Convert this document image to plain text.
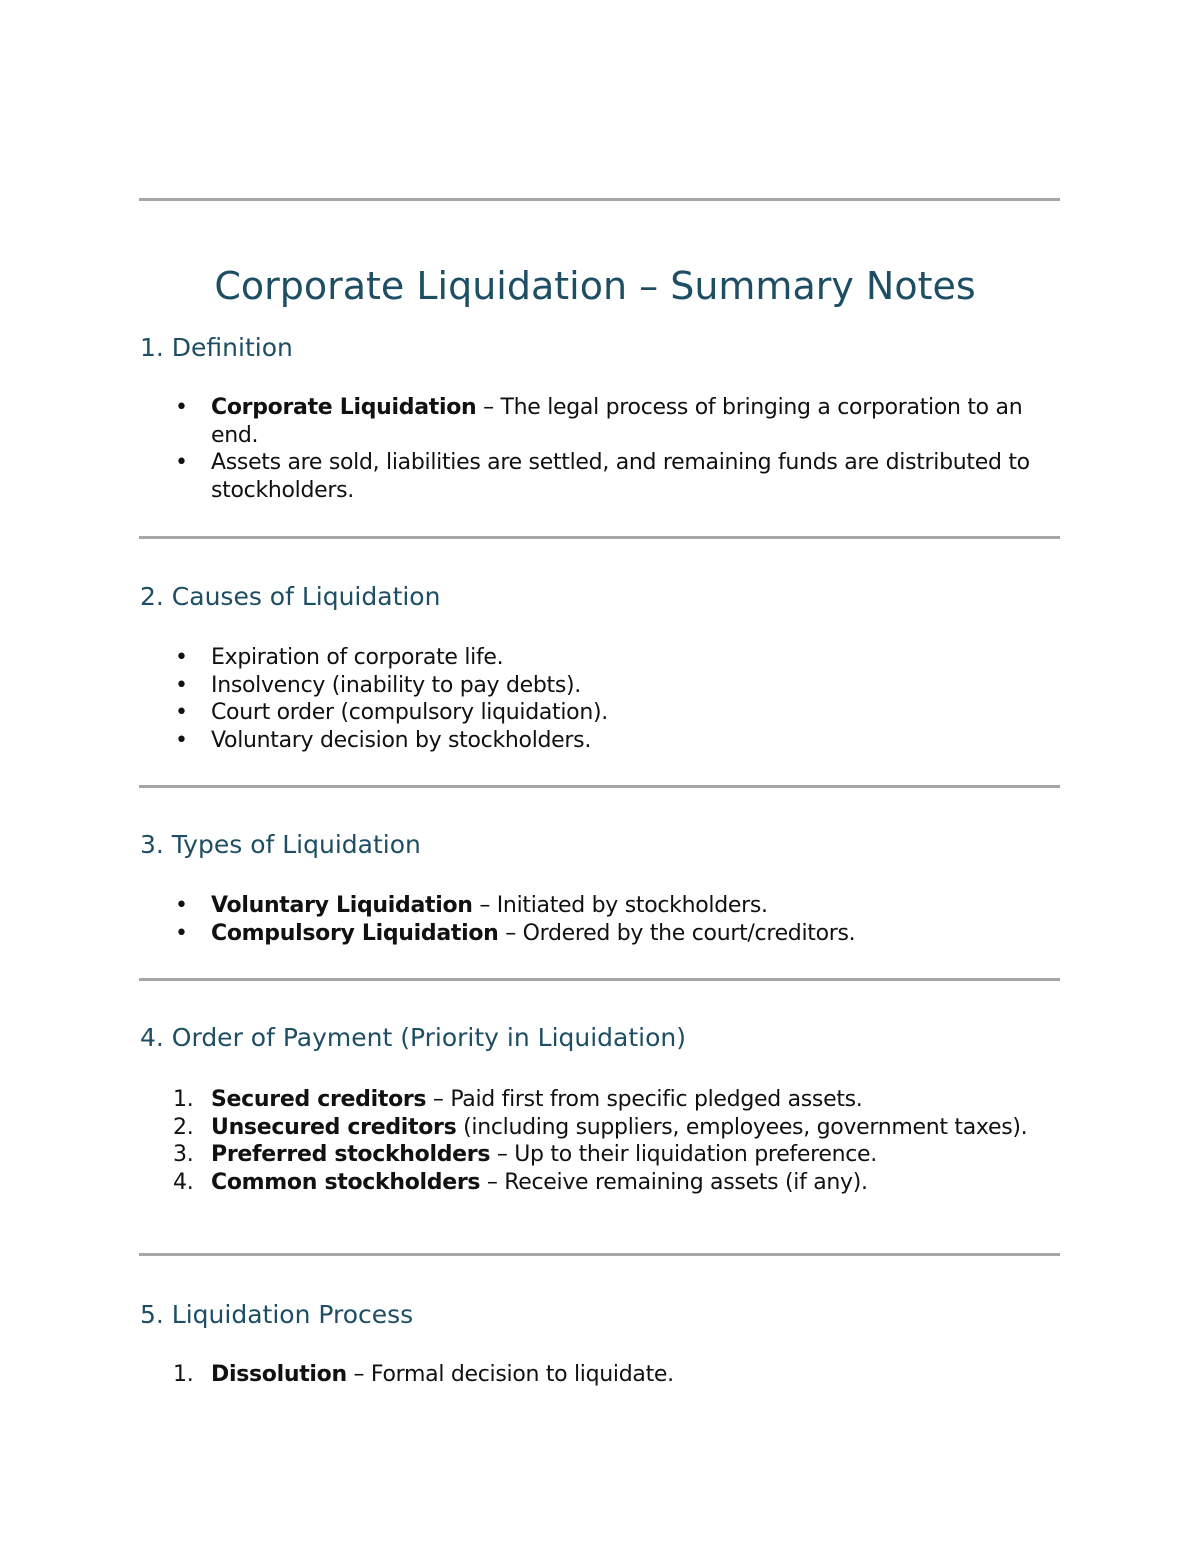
Corporate Liquidation – Summary Notes
1. Definition
• Corporate Liquidation – The legal process of bringing a corporation to an end.
• Assets are sold, liabilities are settled, and remaining funds are distributed to stockholders.
2. Causes of Liquidation
• Expiration of corporate life.
• Insolvency (inability to pay debts).
• Court order (compulsory liquidation).
• Voluntary decision by stockholders.
3. Types of Liquidation
• Voluntary Liquidation – Initiated by stockholders.
• Compulsory Liquidation – Ordered by the court/creditors.
4. Order of Payment (Priority in Liquidation)
1. Secured creditors – Paid first from specific pledged assets.
2. Unsecured creditors (including suppliers, employees, government taxes).
3. Preferred stockholders – Up to their liquidation preference.
4. Common stockholders – Receive remaining assets (if any).
5. Liquidation Process
1. Dissolution – Formal decision to liquidate.
